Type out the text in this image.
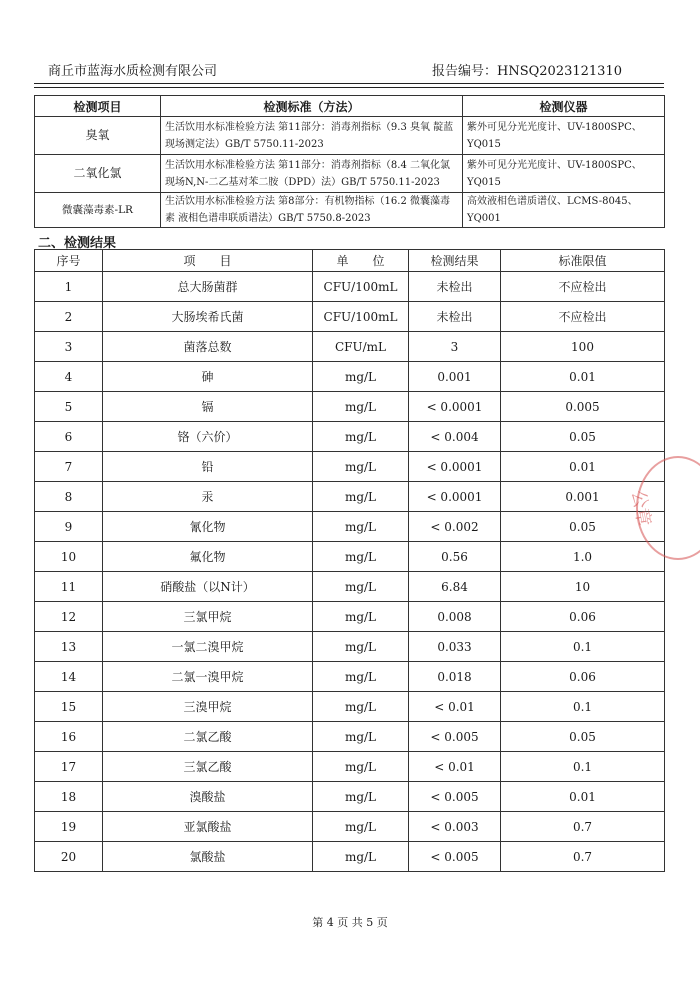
商丘市蓝海水质检测有限公司	报告编号：HNSQ2023121310
检测项目	检测标准（方法）	检测仪器
臭氧	生活饮用水标准检验方法 第11部分：消毒剂指标（9.3 臭氧 靛蓝现场测定法）GB/T 5750.11-2023	紫外可见分光光度计、UV-1800SPC、YQ015
二氧化氯	生活饮用水标准检验方法 第11部分：消毒剂指标（8.4 二氧化氯 现场N,N-二乙基对苯二胺（DPD）法）GB/T 5750.11-2023	紫外可见分光光度计、UV-1800SPC、YQ015
微囊藻毒素-LR	生活饮用水标准检验方法 第8部分：有机物指标（16.2 微囊藻毒素 液相色谱串联质谱法）GB/T 5750.8-2023	高效液相色谱质谱仪、LCMS-8045、YQ001
二、检测结果
序号	项　　目	单　　位	检测结果	标准限值
1	总大肠菌群	CFU/100mL	未检出	不应检出
2	大肠埃希氏菌	CFU/100mL	未检出	不应检出
3	菌落总数	CFU/mL	3	100
4	砷	mg/L	0.001	0.01
5	镉	mg/L	< 0.0001	0.005
6	铬（六价）	mg/L	< 0.004	0.05
7	铅	mg/L	< 0.0001	0.01
8	汞	mg/L	< 0.0001	0.001
9	氰化物	mg/L	< 0.002	0.05
10	氟化物	mg/L	0.56	1.0
11	硝酸盐（以N计）	mg/L	6.84	10
12	三氯甲烷	mg/L	0.008	0.06
13	一氯二溴甲烷	mg/L	0.033	0.1
14	二氯一溴甲烷	mg/L	0.018	0.06
15	三溴甲烷	mg/L	< 0.01	0.1
16	二氯乙酸	mg/L	< 0.005	0.05
17	三氯乙酸	mg/L	< 0.01	0.1
18	溴酸盐	mg/L	< 0.005	0.01
19	亚氯酸盐	mg/L	< 0.003	0.7
20	氯酸盐	mg/L	< 0.005	0.7
第 4 页 共 5 页
公章
